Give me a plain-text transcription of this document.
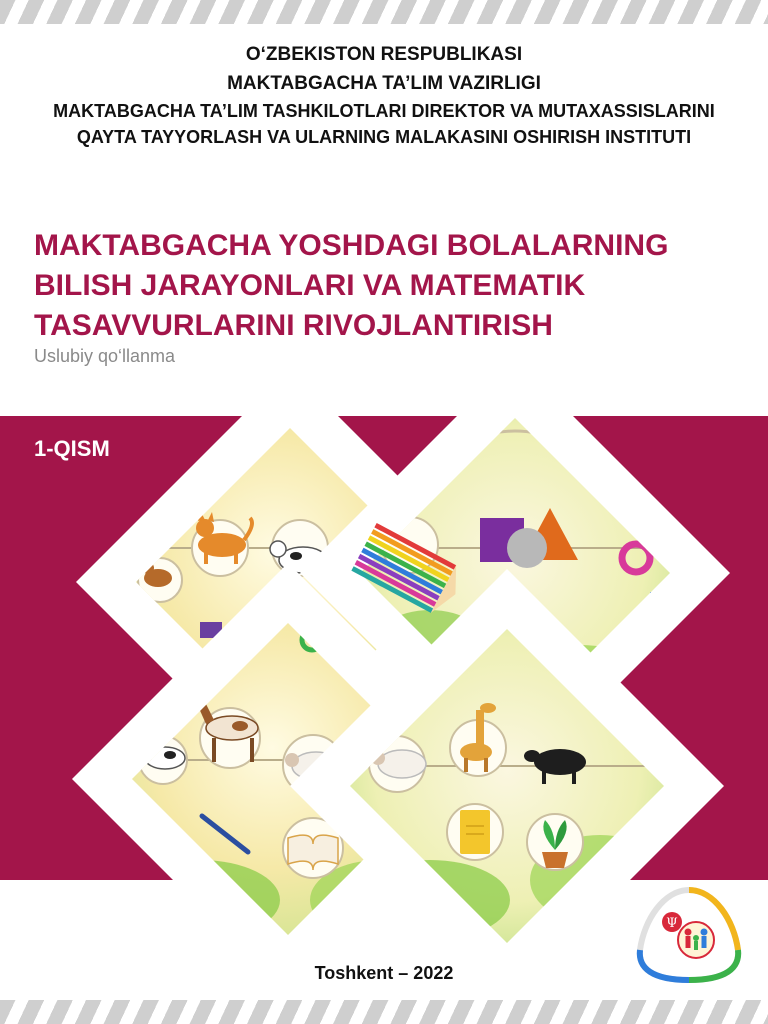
O‘ZBEKISTON RESPUBLIKASI
MAKTABGACHA TA’LIM VAZIRLIGI
MAKTABGACHA TA’LIM TASHKILOTLARI DIREKTOR VA MUTAXASSISLARINI
QAYTA TAYYORLASH VA ULARNING MALAKASINI OSHIRISH INSTITUTI
MAKTABGACHA YOSHDAGI BOLALARNING
BILISH JARAYONLARI VA MATEMATIK
TASAVVURLARINI RIVOJLANTIRISH
Uslubiy qo‘llanma
1-QISM
Toshkent – 2022
Ψ
